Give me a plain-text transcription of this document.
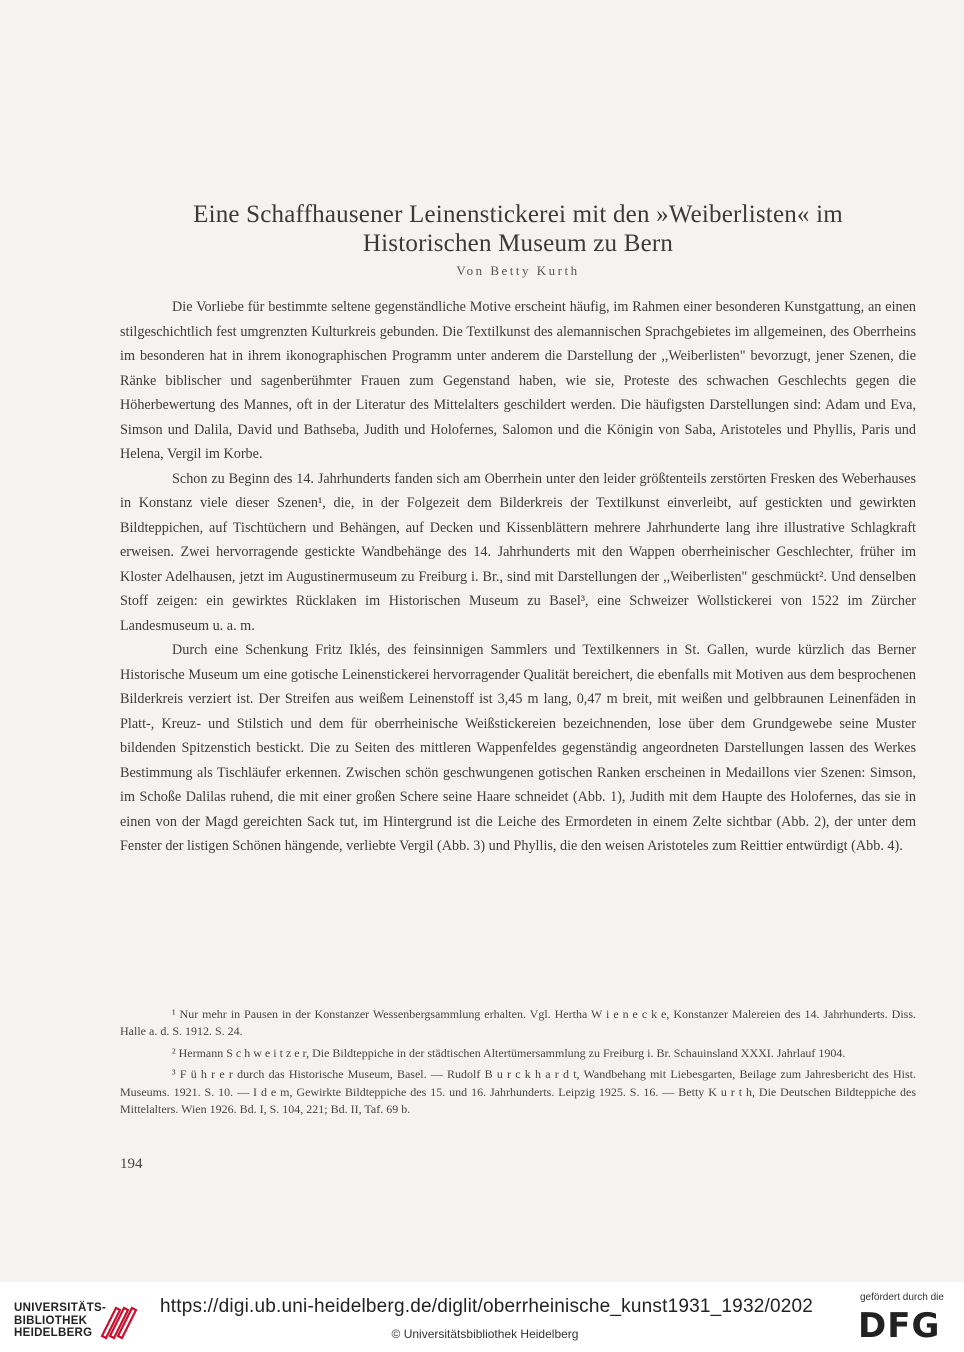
Eine Schaffhausener Leinenstickerei mit den »Weiberlisten« im
Historischen Museum zu Bern
Von Betty Kurth

Die Vorliebe für bestimmte seltene gegenständliche Motive erscheint häufig, im Rahmen einer besonderen Kunstgattung, an einen stilgeschichtlich fest umgrenzten Kulturkreis gebunden. Die Textilkunst des alemannischen Sprachgebietes im allgemeinen, des Oberrheins im besonderen hat in ihrem ikonographischen Programm unter anderem die Darstellung der ,,Weiberlisten" bevorzugt, jener Szenen, die Ränke biblischer und sagenberühmter Frauen zum Gegenstand haben, wie sie, Proteste des schwachen Geschlechts gegen die Höherbewertung des Mannes, oft in der Literatur des Mittelalters geschildert werden. Die häufigsten Darstellungen sind: Adam und Eva, Simson und Dalila, David und Bathseba, Judith und Holofernes, Salomon und die Königin von Saba, Aristoteles und Phyllis, Paris und Helena, Vergil im Korbe.

Schon zu Beginn des 14. Jahrhunderts fanden sich am Oberrhein unter den leider größtenteils zerstörten Fresken des Weberhauses in Konstanz viele dieser Szenen¹, die, in der Folgezeit dem Bilderkreis der Textilkunst einverleibt, auf gestickten und gewirkten Bildteppichen, auf Tischtüchern und Behängen, auf Decken und Kissenblättern mehrere Jahrhunderte lang ihre illustrative Schlagkraft erweisen. Zwei hervorragende gestickte Wandbehänge des 14. Jahrhunderts mit den Wappen oberrheinischer Geschlechter, früher im Kloster Adelhausen, jetzt im Augustinermuseum zu Freiburg i. Br., sind mit Darstellungen der ,,Weiberlisten" geschmückt². Und denselben Stoff zeigen: ein gewirktes Rücklaken im Historischen Museum zu Basel³, eine Schweizer Wollstickerei von 1522 im Zürcher Landesmuseum u. a. m.

Durch eine Schenkung Fritz Iklés, des feinsinnigen Sammlers und Textilkenners in St. Gallen, wurde kürzlich das Berner Historische Museum um eine gotische Leinenstickerei hervorragender Qualität bereichert, die ebenfalls mit Motiven aus dem besprochenen Bilderkreis verziert ist. Der Streifen aus weißem Leinenstoff ist 3,45 m lang, 0,47 m breit, mit weißen und gelbbraunen Leinenfäden in Platt-, Kreuz- und Stilstich und dem für oberrheinische Weißstickereien bezeichnenden, lose über dem Grundgewebe seine Muster bildenden Spitzenstich bestickt. Die zu Seiten des mittleren Wappenfeldes gegenständig angeordneten Darstellungen lassen des Werkes Bestimmung als Tischläufer erkennen. Zwischen schön geschwungenen gotischen Ranken erscheinen in Medaillons vier Szenen: Simson, im Schoße Dalilas ruhend, die mit einer großen Schere seine Haare schneidet (Abb. 1), Judith mit dem Haupte des Holofernes, das sie in einen von der Magd gereichten Sack tut, im Hintergrund ist die Leiche des Ermordeten in einem Zelte sichtbar (Abb. 2), der unter dem Fenster der listigen Schönen hängende, verliebte Vergil (Abb. 3) und Phyllis, die den weisen Aristoteles zum Reittier entwürdigt (Abb. 4).

¹ Nur mehr in Pausen in der Konstanzer Wessenbergsammlung erhalten. Vgl. Hertha W i e n e c k e, Konstanzer Malereien des 14. Jahrhunderts. Diss. Halle a. d. S. 1912. S. 24.

² Hermann S c h w e i t z e r, Die Bildteppiche in der städtischen Altertümersammlung zu Freiburg i. Br. Schauinsland XXXI. Jahrlauf 1904.

³ F ü h r e r durch das Historische Museum, Basel. — Rudolf B u r c k h a r d t, Wandbehang mit Liebesgarten, Beilage zum Jahresbericht des Hist. Museums. 1921. S. 10. — I d e m, Gewirkte Bildteppiche des 15. und 16. Jahrhunderts. Leipzig 1925. S. 16. — Betty K u r t h, Die Deutschen Bildteppiche des Mittelalters. Wien 1926. Bd. I, S. 104, 221; Bd. II, Taf. 69 b.

194
UNIVERSITÄTS-
BIBLIOTHEK
HEIDELBERG
https://digi.ub.uni-heidelberg.de/diglit/oberrheinische_kunst1931_1932/0202
© Universitätsbibliothek Heidelberg
gefördert durch die
DFG
